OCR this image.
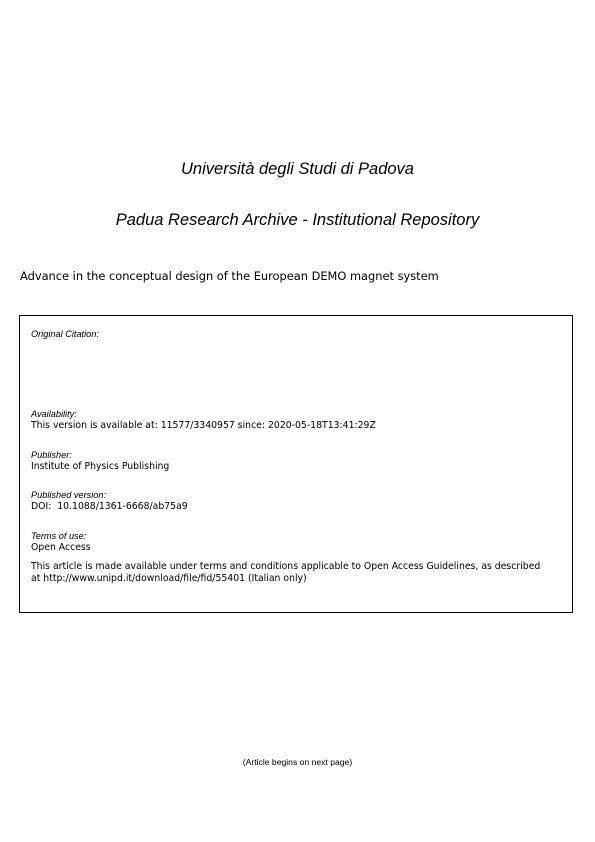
Università degli Studi di Padova
Padua Research Archive - Institutional Repository
Advance in the conceptual design of the European DEMO magnet system
Original Citation:
Availability:
This version is available at: 11577/3340957 since: 2020-05-18T13:41:29Z
Publisher:
Institute of Physics Publishing
Published version:
DOI:  10.1088/1361-6668/ab75a9
Terms of use:
Open Access
This article is made available under terms and conditions applicable to Open Access Guidelines, as described at http://www.unipd.it/download/file/fid/55401 (Italian only)
(Article begins on next page)
